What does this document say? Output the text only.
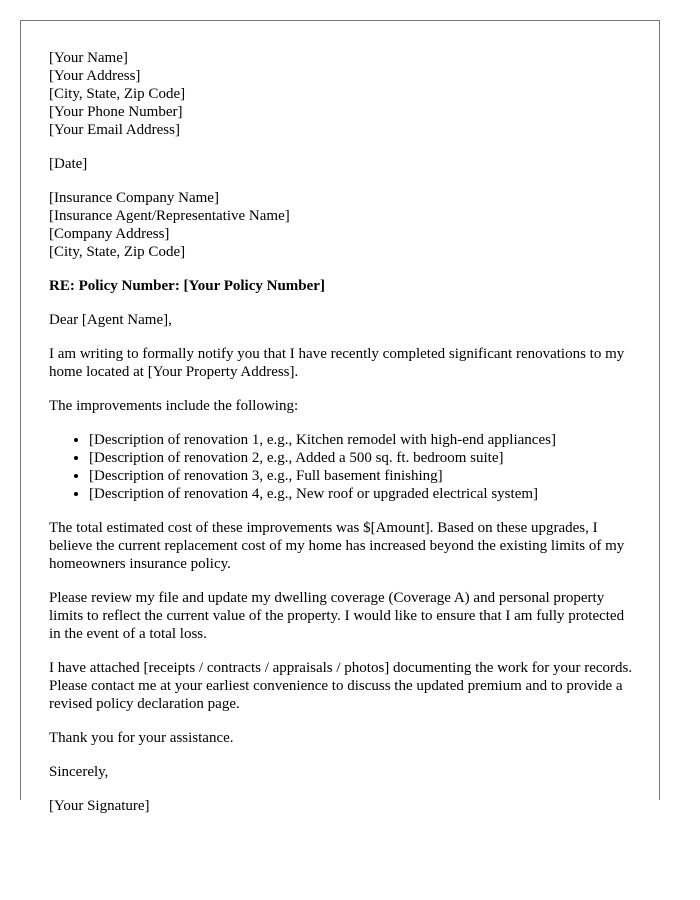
[Your Name]
[Your Address]
[City, State, Zip Code]
[Your Phone Number]
[Your Email Address]

[Date]

[Insurance Company Name]
[Insurance Agent/Representative Name]
[Company Address]
[City, State, Zip Code]

RE: Policy Number: [Your Policy Number]

Dear [Agent Name],

I am writing to formally notify you that I have recently completed significant renovations to my home located at [Your Property Address].

The improvements include the following:

• [Description of renovation 1, e.g., Kitchen remodel with high-end appliances]
• [Description of renovation 2, e.g., Added a 500 sq. ft. bedroom suite]
• [Description of renovation 3, e.g., Full basement finishing]
• [Description of renovation 4, e.g., New roof or upgraded electrical system]

The total estimated cost of these improvements was $[Amount]. Based on these upgrades, I believe the current replacement cost of my home has increased beyond the existing limits of my homeowners insurance policy.

Please review my file and update my dwelling coverage (Coverage A) and personal property limits to reflect the current value of the property. I would like to ensure that I am fully protected in the event of a total loss.

I have attached [receipts / contracts / appraisals / photos] documenting the work for your records. Please contact me at your earliest convenience to discuss the updated premium and to provide a revised policy declaration page.

Thank you for your assistance.

Sincerely,

[Your Signature]
